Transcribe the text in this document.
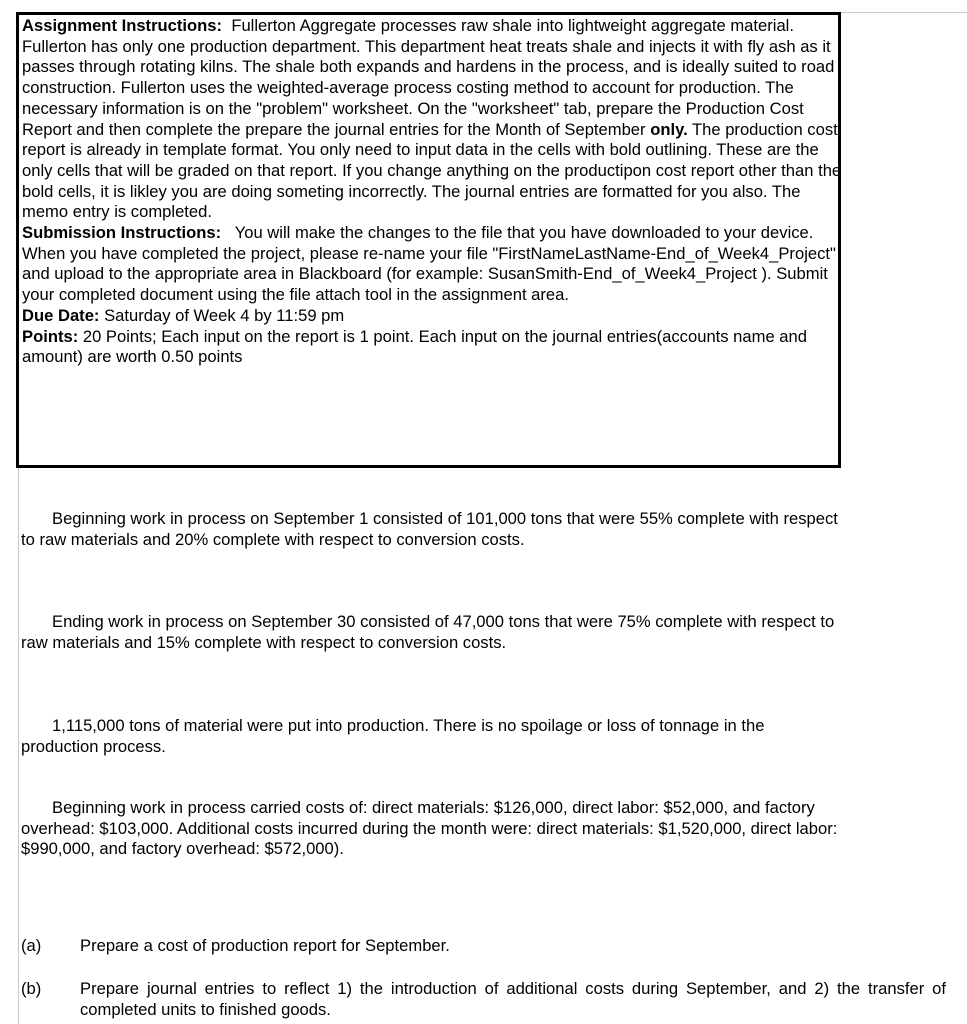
Assignment Instructions: Fullerton Aggregate processes raw shale into lightweight aggregate material. Fullerton has only one production department. This department heat treats shale and injects it with fly ash as it passes through rotating kilns. The shale both expands and hardens in the process, and is ideally suited to road construction. Fullerton uses the weighted-average process costing method to account for production. The necessary information is on the "problem" worksheet. On the "worksheet" tab, prepare the Production Cost Report and then complete the prepare the journal entries for the Month of September only. The production cost report is already in template format. You only need to input data in the cells with bold outlining. These are the only cells that will be graded on that report. If you change anything on the productipon cost report other than the bold cells, it is likley you are doing someting incorrectly. The journal entries are formatted for you also. The memo entry is completed.

Submission Instructions: You will make the changes to the file that you have downloaded to your device. When you have completed the project, please re-name your file "FirstNameLastName-End_of_Week4_Project" and upload to the appropriate area in Blackboard (for example: SusanSmith-End_of_Week4_Project ). Submit your completed document using the file attach tool in the assignment area.

Due Date: Saturday of Week 4 by 11:59 pm

Points: 20 Points; Each input on the report is 1 point. Each input on the journal entries(accounts name and amount) are worth 0.50 points

Beginning work in process on September 1 consisted of 101,000 tons that were 55% complete with respect to raw materials and 20% complete with respect to conversion costs.

Ending work in process on September 30 consisted of 47,000 tons that were 75% complete with respect to raw materials and 15% complete with respect to conversion costs.

1,115,000 tons of material were put into production. There is no spoilage or loss of tonnage in the production process.

Beginning work in process carried costs of: direct materials: $126,000, direct labor: $52,000, and factory overhead: $103,000. Additional costs incurred during the month were: direct materials: $1,520,000, direct labor: $990,000, and factory overhead: $572,000).

(a) Prepare a cost of production report for September.
(b) Prepare journal entries to reflect 1) the introduction of additional costs during September, and 2) the transfer of completed units to finished goods.
